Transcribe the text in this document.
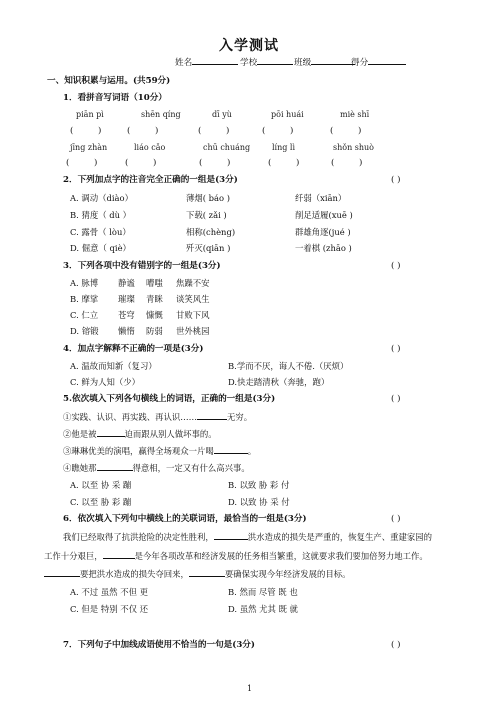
入学测试
姓名	学校	班级	得分
一、知识积累与运用。(共59分)
1．看拼音写词语（10分）
piān pì	shēn qíng	dī yù	pōi huái	miè shī
(         )	(         )	(         )	(         )	(         )
jīng zhàn	liáo cǎo	chū chuáng	líng lì	shǒn shuò
(         )	(         )	(         )	(         )	(         )
2．下列加点字的注音完全正确的一组是(3分)	( )
A. 调动（diào）	薄烟( báo )	纤弱（xiān）
B. 猜度（ dù ）	下载( zǎi )	削足适履(xuē )
C. 露骨（ lòu）	相称(chèng)	群雄角逐(jué )
D. 倔意（ qiè）	歼灭(qiān )	一着棋 (zhāo )
3．下列各项中没有错别字的一组是(3分)	( )
A. 脉博 静谧 嘈嗤 焦躁不安
B. 摩挲 璀璨 青眯 谈笑风生
C. 仁立 苍穹 慷慨 甘败下风
D. 镕锻 懒惰 防弱 世外桃园
4．加点字解释不正确的一项是(3分)	( )
A. 温故而知新（复习）	B.学而不厌，诲人不倦.（厌烦）
C. 鲜为人知（少）	D.快走踏清秋（奔驰，跑）
5.依次填入下列各句横线上的词语，正确的一组是(3分)	( )
①实践、认识、再实践、再认识……	无穷。
②他是被	迫而跟从别人做坏事的。
③琳琳优美的演唱，赢得全场观众一片喝	。
④瞧她那	得意相，一定又有什么高兴事。
A. 以至 协 采 蹦	B. 以致 胁 彩 付
C. 以至 胁 彩 蹦	D. 以致 协 采 付
6．依次填入下列句中横线上的关联词语，最恰当的一组是(3分)	( )
我们已经取得了抗洪抢险的决定性胜利，	洪水造成的损失是严重的，恢复生产、重建家园的
工作十分艰巨，	是今年各项改革和经济发展的任务相当繁重，这就要求我们要加倍努力地工作。
要把洪水造成的损失夺回来，	要确保实现今年经济发展的目标。
A. 不过 虽然 不但 更	B. 然而 尽管 既 也
C. 但是 特别 不仅 还	D. 虽然 尤其 既 就
7．下列句子中加线成语使用不恰当的一句是(3分)	( )
1
